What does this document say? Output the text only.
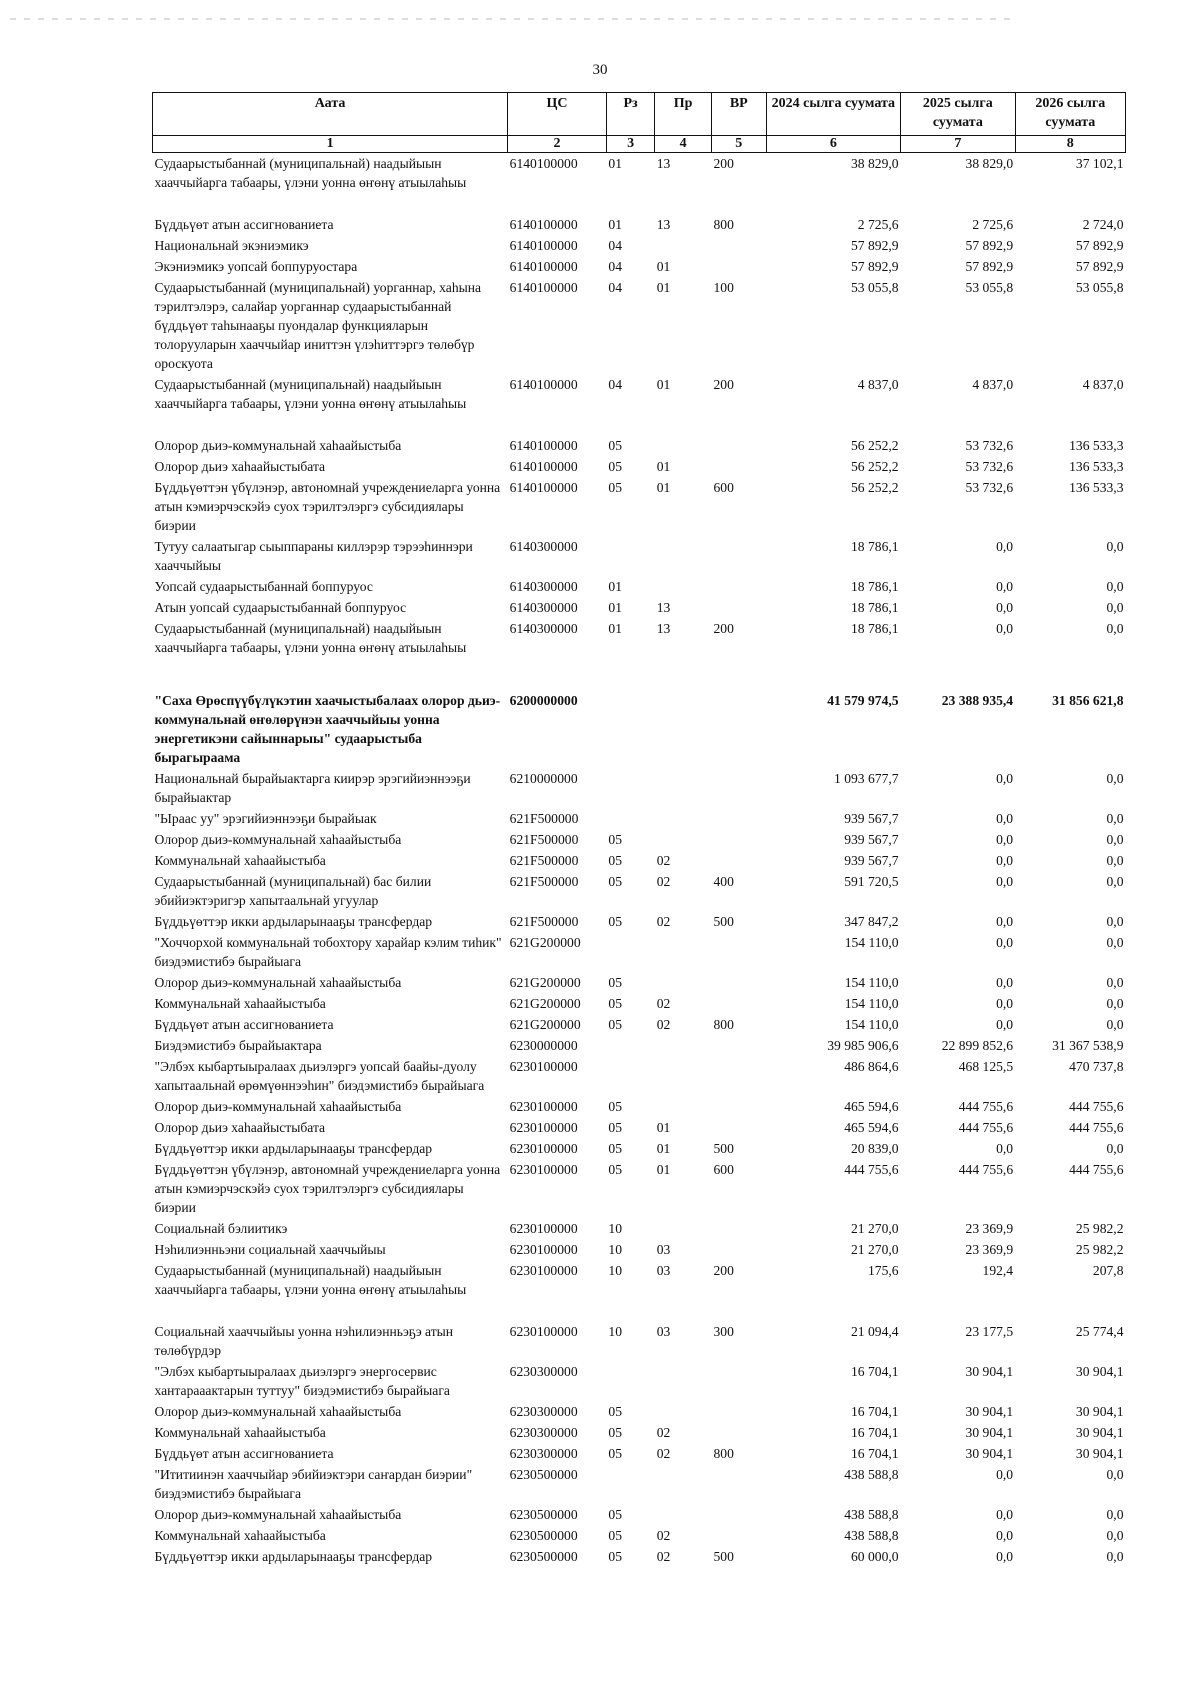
30
Аата	ЦС	Рз	Пр	ВР	2024 сылга суумата	2025 сылга суумата	2026 сылга суумата
1	2	3	4	5	6	7	8
Судаарыстыбаннай (муниципальнай) наадыйыын хааччыйарга табаары, үлэни уонна өҥөнү атыылаһыы	6140100000	01	13	200	38 829,0	38 829,0	37 102,1
Бүддьүөт атын ассигнованиета	6140100000	01	13	800	2 725,6	2 725,6	2 724,0
Национальнай экэниэмикэ	6140100000	04			57 892,9	57 892,9	57 892,9
Экэниэмикэ уопсай боппуруостара	6140100000	04	01		57 892,9	57 892,9	57 892,9
Судаарыстыбаннай (муниципальнай) уорганнар, хаһына тэрилтэлэрэ, салайар уорганнар судаарыстыбаннай бүддьүөт таһынааҕы пуондалар функцияларын толорууларын хааччыйар иниттэн үлэһиттэргэ төлөбүр ороскуота	6140100000	04	01	100	53 055,8	53 055,8	53 055,8
Судаарыстыбаннай (муниципальнай) наадыйыын хааччыйарга табаары, үлэни уонна өҥөнү атыылаһыы	6140100000	04	01	200	4 837,0	4 837,0	4 837,0
Олорор дьиэ-коммунальнай хаһаайыстыба	6140100000	05			56 252,2	53 732,6	136 533,3
Олорор дьиэ хаһаайыстыбата	6140100000	05	01		56 252,2	53 732,6	136 533,3
Бүддьүөттэн үбүлэнэр, автономнай учреждениеларга уонна атын кэмиэрчэскэйэ суох тэрилтэлэргэ субсидиялары биэрии	6140100000	05	01	600	56 252,2	53 732,6	136 533,3
Тутуу салаатыгар сыыппараны киллэрэр тэрээһиннэри хааччыйыы	6140300000				18 786,1	0,0	0,0
Уопсай судаарыстыбаннай боппуруос	6140300000	01			18 786,1	0,0	0,0
Атын уопсай судаарыстыбаннай боппуруос	6140300000	01	13		18 786,1	0,0	0,0
Судаарыстыбаннай (муниципальнай) наадыйыын хааччыйарга табаары, үлэни уонна өҥөнү атыылаһыы	6140300000	01	13	200	18 786,1	0,0	0,0
"Саха Өрөспүүбүлүкэтин хаачыстыбалаах олорор дьиэ-коммунальнай өҥөлөрүнэн хааччыйыы уонна энергетикэни сайыннарыы" судаарыстыба бырагыраама	6200000000				41 579 974,5	23 388 935,4	31 856 621,8
Национальнай бырайыактарга киирэр эрэгийиэннээҕи бырайыактар	6210000000				1 093 677,7	0,0	0,0
"Ыраас уу" эрэгийиэннээҕи бырайыак	621F500000				939 567,7	0,0	0,0
Олорор дьиэ-коммунальнай хаһаайыстыба	621F500000	05			939 567,7	0,0	0,0
Коммунальнай хаһаайыстыба	621F500000	05	02		939 567,7	0,0	0,0
Судаарыстыбаннай (муниципальнай) бас билии эбийиэктэригэр хапытаальнай угуулар	621F500000	05	02	400	591 720,5	0,0	0,0
Бүддьүөттэр икки ардыларынааҕы трансфердар	621F500000	05	02	500	347 847,2	0,0	0,0
"Хоччорхой коммунальнай тобохтору харайар кэлим тиһик" биэдэмистибэ бырайыага	621G200000				154 110,0	0,0	0,0
Олорор дьиэ-коммунальнай хаһаайыстыба	621G200000	05			154 110,0	0,0	0,0
Коммунальнай хаһаайыстыба	621G200000	05	02		154 110,0	0,0	0,0
Бүддьүөт атын ассигнованиета	621G200000	05	02	800	154 110,0	0,0	0,0
Биэдэмистибэ бырайыактара	6230000000				39 985 906,6	22 899 852,6	31 367 538,9
"Элбэх кыбартыыралаах дьиэлэргэ уопсай баайы-дуолу хапытаальнай өрөмүөннээһин" биэдэмистибэ бырайыага	6230100000				486 864,6	468 125,5	470 737,8
Олорор дьиэ-коммунальнай хаһаайыстыба	6230100000	05			465 594,6	444 755,6	444 755,6
Олорор дьиэ хаһаайыстыбата	6230100000	05	01		465 594,6	444 755,6	444 755,6
Бүддьүөттэр икки ардыларынааҕы трансфердар	6230100000	05	01	500	20 839,0	0,0	0,0
Бүддьүөттэн үбүлэнэр, автономнай учреждениеларга уонна атын кэмиэрчэскэйэ суох тэрилтэлэргэ субсидиялары биэрии	6230100000	05	01	600	444 755,6	444 755,6	444 755,6
Социальнай бэлиитикэ	6230100000	10			21 270,0	23 369,9	25 982,2
Нэһилиэнньэни социальнай хааччыйыы	6230100000	10	03		21 270,0	23 369,9	25 982,2
Судаарыстыбаннай (муниципальнай) наадыйыын хааччыйарга табаары, үлэни уонна өҥөнү атыылаһыы	6230100000	10	03	200	175,6	192,4	207,8
Социальнай хааччыйыы уонна нэһилиэнньэҕэ атын төлөбүрдэр	6230100000	10	03	300	21 094,4	23 177,5	25 774,4
"Элбэх кыбартыыралаах дьиэлэргэ энергосервис хантарааактарын туттуу" биэдэмистибэ бырайыага	6230300000				16 704,1	30 904,1	30 904,1
Олорор дьиэ-коммунальнай хаһаайыстыба	6230300000	05			16 704,1	30 904,1	30 904,1
Коммунальнай хаһаайыстыба	6230300000	05	02		16 704,1	30 904,1	30 904,1
Бүддьүөт атын ассигнованиета	6230300000	05	02	800	16 704,1	30 904,1	30 904,1
"Ититиинэн хааччыйар эбийиэктэри саҥардан биэрии" биэдэмистибэ бырайыага	6230500000				438 588,8	0,0	0,0
Олорор дьиэ-коммунальнай хаһаайыстыба	6230500000	05			438 588,8	0,0	0,0
Коммунальнай хаһаайыстыба	6230500000	05	02		438 588,8	0,0	0,0
Бүддьүөттэр икки ардыларынааҕы трансфердар	6230500000	05	02	500	60 000,0	0,0	0,0
